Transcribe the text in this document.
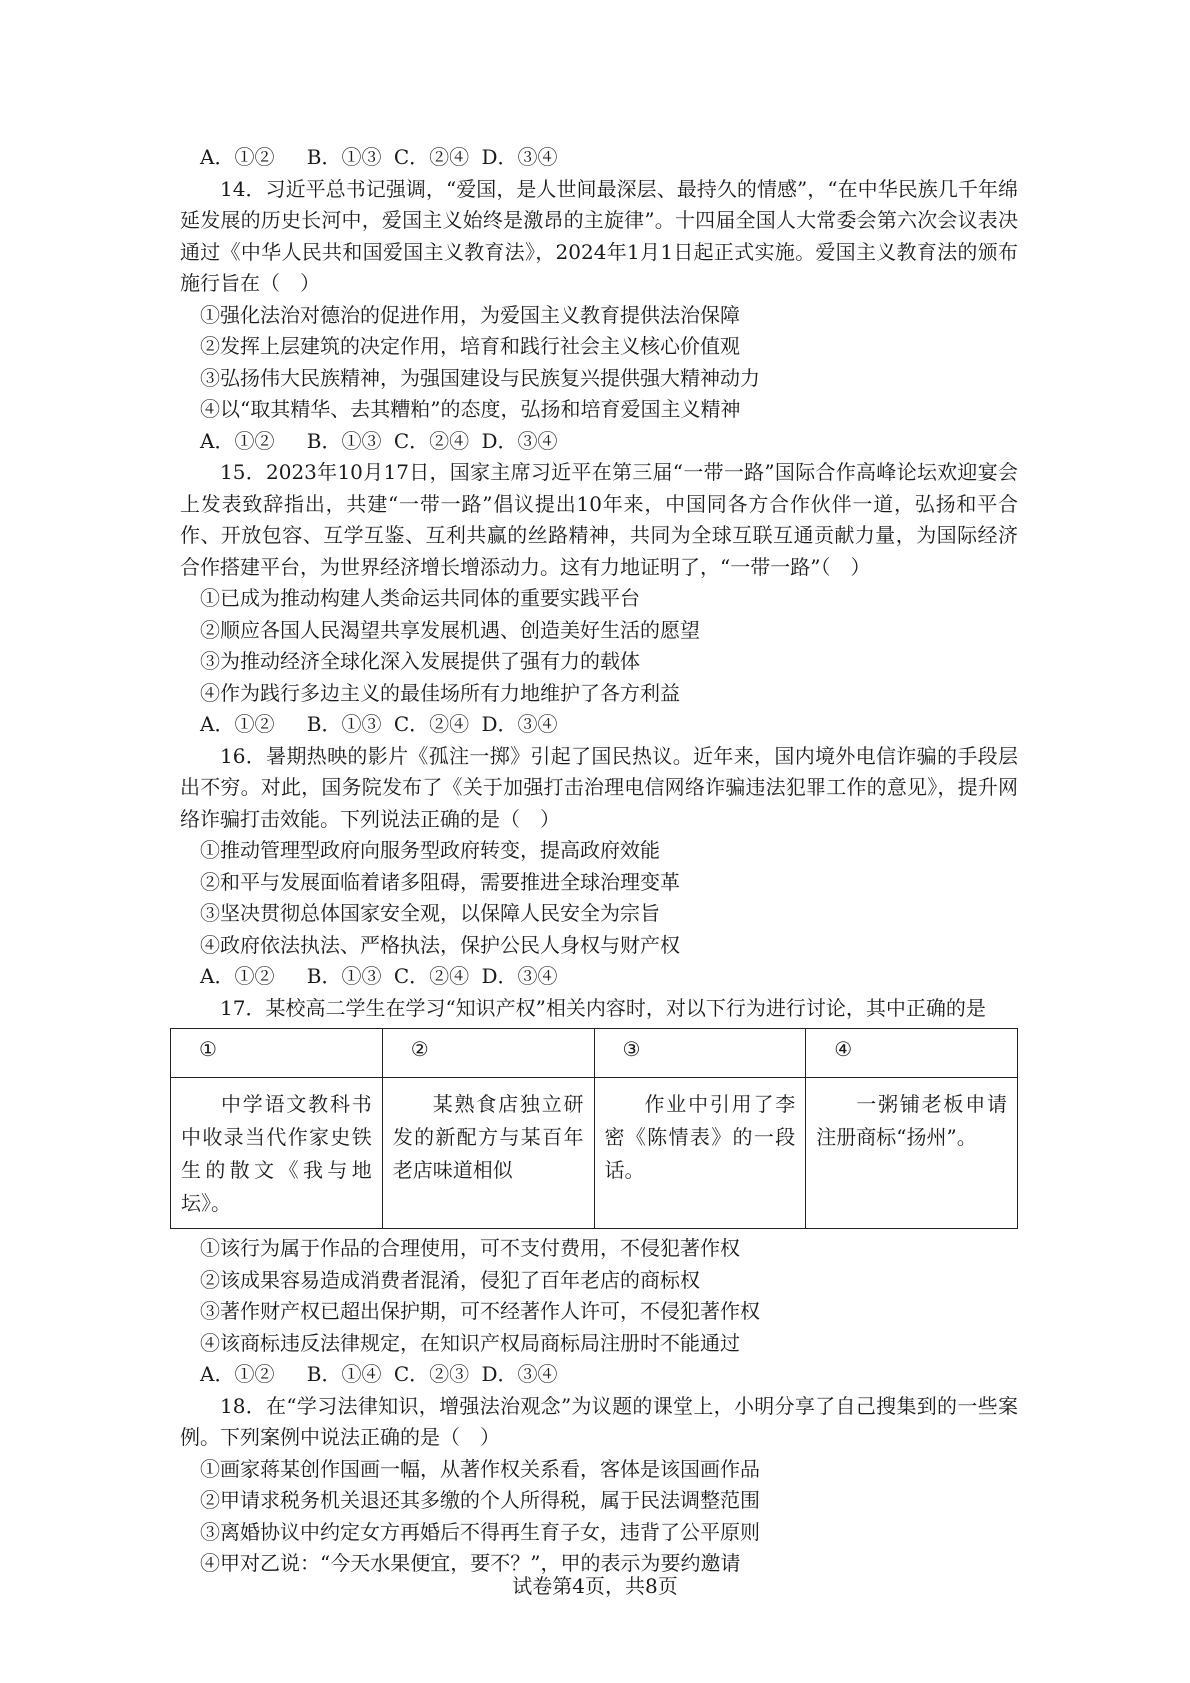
A．①②　 B．①③ C．②④ D．③④

14．习近平总书记强调，“爱国，是人世间最深层、最持久的情感”，“在中华民族几千年绵延发展的历史长河中，爱国主义始终是激昂的主旋律”。十四届全国人大常委会第六次会议表决通过《中华人民共和国爱国主义教育法》，2024年1月1日起正式实施。爱国主义教育法的颁布施行旨在（　）

①强化法治对德治的促进作用，为爱国主义教育提供法治保障

②发挥上层建筑的决定作用，培育和践行社会主义核心价值观

③弘扬伟大民族精神，为强国建设与民族复兴提供强大精神动力

④以“取其精华、去其糟粕”的态度，弘扬和培育爱国主义精神

A．①②　 B．①③ C．②④ D．③④

15．2023年10月17日，国家主席习近平在第三届“一带一路”国际合作高峰论坛欢迎宴会上发表致辞指出，共建“一带一路”倡议提出10年来，中国同各方合作伙伴一道，弘扬和平合作、开放包容、互学互鉴、互利共赢的丝路精神，共同为全球互联互通贡献力量，为国际经济合作搭建平台，为世界经济增长增添动力。这有力地证明了，“一带一路”（　）

①已成为推动构建人类命运共同体的重要实践平台

②顺应各国人民渴望共享发展机遇、创造美好生活的愿望

③为推动经济全球化深入发展提供了强有力的载体

④作为践行多边主义的最佳场所有力地维护了各方利益

A．①②　 B．①③ C．②④ D．③④

16．暑期热映的影片《孤注一掷》引起了国民热议。近年来，国内境外电信诈骗的手段层出不穷。对此，国务院发布了《关于加强打击治理电信网络诈骗违法犯罪工作的意见》，提升网络诈骗打击效能。下列说法正确的是（　）

①推动管理型政府向服务型政府转变，提高政府效能

②和平与发展面临着诸多阻碍，需要推进全球治理变革

③坚决贯彻总体国家安全观，以保障人民安全为宗旨

④政府依法执法、严格执法，保护公民人身权与财产权

A．①②　 B．①③ C．②④ D．③④

17．某校高二学生在学习“知识产权”相关内容时，对以下行为进行讨论，其中正确的是

①	②	③	④

中学语文教科书中收录当代作家史铁生的散文《我与地坛》。	某熟食店独立研发的新配方与某百年老店味道相似	作业中引用了李密《陈情表》的一段话。	一粥铺老板申请注册商标“扬州”。

①该行为属于作品的合理使用，可不支付费用，不侵犯著作权

②该成果容易造成消费者混淆，侵犯了百年老店的商标权

③著作财产权已超出保护期，可不经著作人许可，不侵犯著作权

④该商标违反法律规定，在知识产权局商标局注册时不能通过

A．①②　 B．①④ C．②③ D．③④

18．在“学习法律知识，增强法治观念”为议题的课堂上，小明分享了自己搜集到的一些案例。下列案例中说法正确的是（　）

①画家蒋某创作国画一幅，从著作权关系看，客体是该国画作品

②甲请求税务机关退还其多缴的个人所得税，属于民法调整范围

③离婚协议中约定女方再婚后不得再生育子女，违背了公平原则

④甲对乙说：“今天水果便宜，要不？”，甲的表示为要约邀请

试卷第4页，共8页
